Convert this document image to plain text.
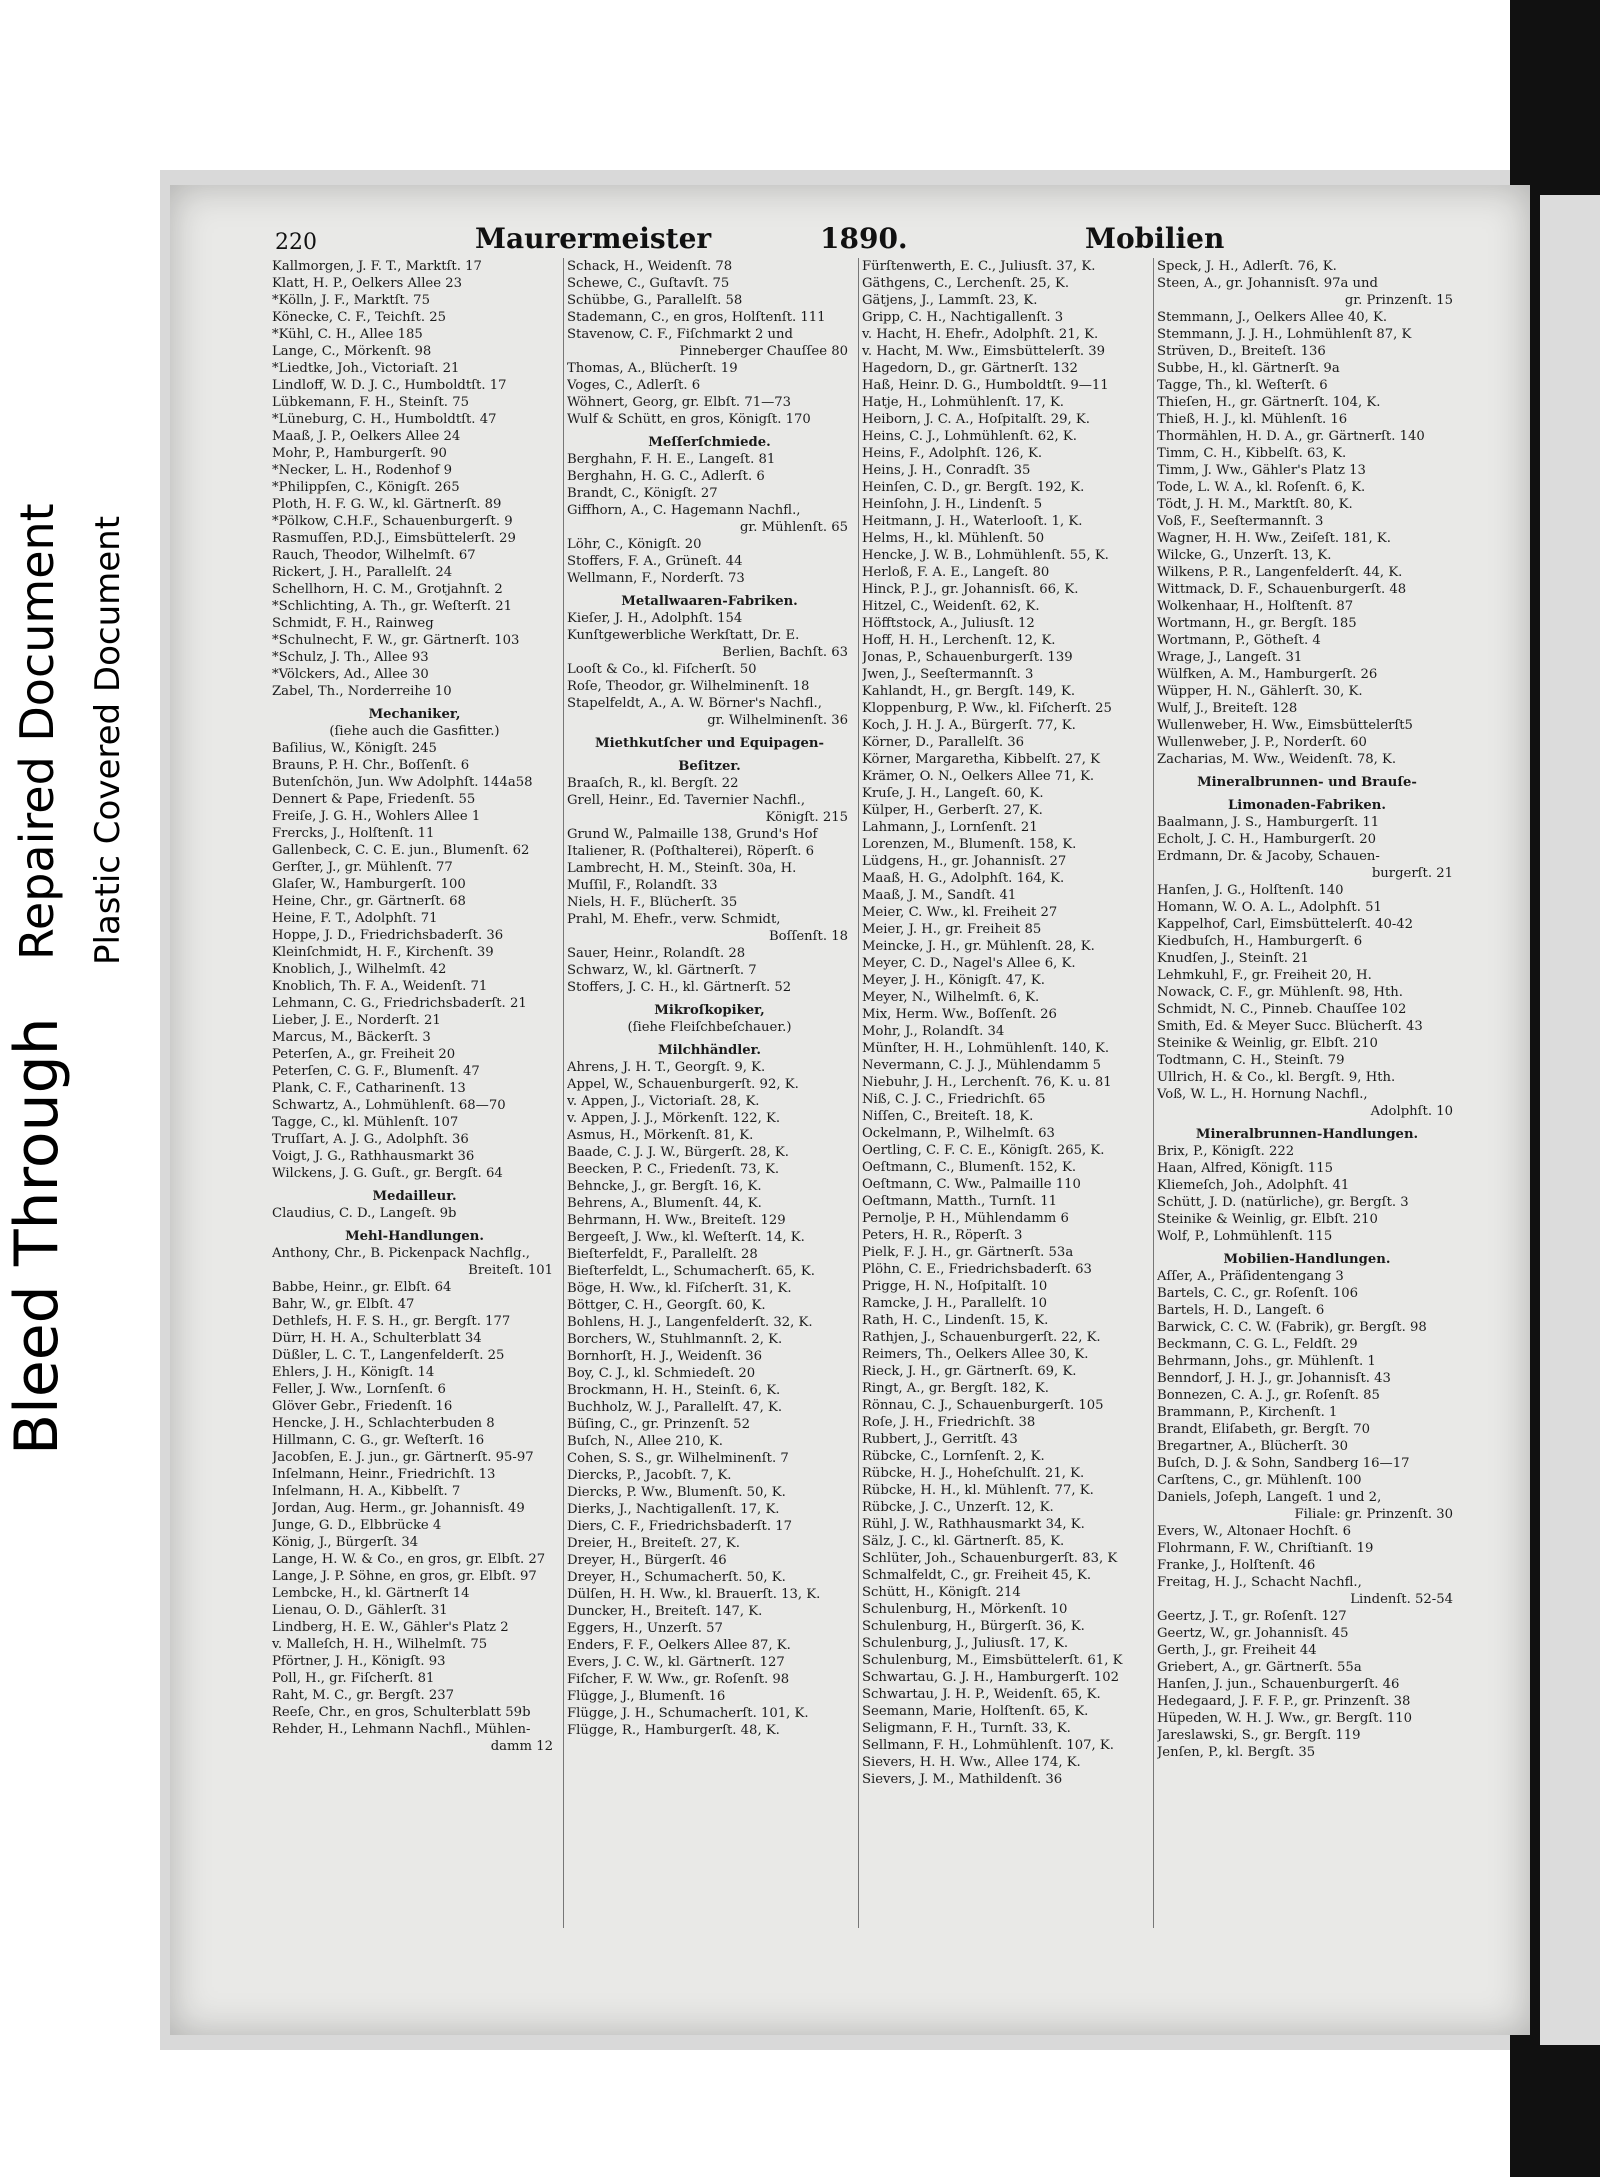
Bleed Through
Repaired Document Plastic Covered Document
220	Maurermeister	1890.	Mobilien
Kallmorgen, J. F. T., Marktſt. 17
Klatt, H. P., Oelkers Allee 23
*Kölln, J. F., Marktſt. 75
Könecke, C. F., Teichſt. 25
*Kühl, C. H., Allee 185
Lange, C., Mörkenſt. 98
*Liedtke, Joh., Victoriaſt. 21
Lindloff, W. D. J. C., Humboldtſt. 17
Lübkemann, F. H., Steinſt. 75
*Lüneburg, C. H., Humboldtſt. 47
Maaß, J. P., Oelkers Allee 24
Mohr, P., Hamburgerſt. 90
*Necker, L. H., Rodenhof 9
*Philippſen, C., Königſt. 265
Ploth, H. F. G. W., kl. Gärtnerſt. 89
*Pölkow, C.H.F., Schauenburgerſt. 9
Rasmuſſen, P.D.J., Eimsbüttelerſt. 29
Rauch, Theodor, Wilhelmſt. 67
Rickert, J. H., Parallelſt. 24
Schellhorn, H. C. M., Grotjahnſt. 2
*Schlichting, A. Th., gr. Weſterſt. 21
Schmidt, F. H., Rainweg
*Schulnecht, F. W., gr. Gärtnerſt. 103
*Schulz, J. Th., Allee 93
*Völckers, Ad., Allee 30
Zabel, Th., Norderreihe 10
Mechaniker,
(ſiehe auch die Gasfitter.)
Baſilius, W., Königſt. 245
Brauns, P. H. Chr., Boſſenſt. 6
Butenſchön, Jun. Ww Adolphſt. 144a58
Dennert & Pape, Friedenſt. 55
Freiſe, J. G. H., Wohlers Allee 1
Frercks, J., Holſtenſt. 11
Gallenbeck, C. C. E. jun., Blumenſt. 62
Gerſter, J., gr. Mühlenſt. 77
Glaſer, W., Hamburgerſt. 100
Heine, Chr., gr. Gärtnerſt. 68
Heine, F. T., Adolphſt. 71
Hoppe, J. D., Friedrichsbaderſt. 36
Kleinſchmidt, H. F., Kirchenſt. 39
Knoblich, J., Wilhelmſt. 42
Knoblich, Th. F. A., Weidenſt. 71
Lehmann, C. G., Friedrichsbaderſt. 21
Lieber, J. E., Norderſt. 21
Marcus, M., Bäckerſt. 3
Peterſen, A., gr. Freiheit 20
Peterſen, C. G. F., Blumenſt. 47
Plank, C. F., Catharinenſt. 13
Schwartz, A., Lohmühlenſt. 68—70
Tagge, C., kl. Mühlenſt. 107
Truſſart, A. J. G., Adolphſt. 36
Voigt, J. G., Rathhausmarkt 36
Wilckens, J. G. Guſt., gr. Bergſt. 64
Medailleur.
Claudius, C. D., Langeſt. 9b
Mehl-Handlungen.
Anthony, Chr., B. Pickenpack Nachflg.,
Breiteſt. 101
Babbe, Heinr., gr. Elbſt. 64
Bahr, W., gr. Elbſt. 47
Dethlefs, H. F. S. H., gr. Bergſt. 177
Dürr, H. H. A., Schulterblatt 34
Düßler, L. C. T., Langenfelderſt. 25
Ehlers, J. H., Königſt. 14
Feller, J. Ww., Lornſenſt. 6
Glöver Gebr., Friedenſt. 16
Hencke, J. H., Schlachterbuden 8
Hillmann, C. G., gr. Weſterſt. 16
Jacobſen, E. J. jun., gr. Gärtnerſt. 95-97
Inſelmann, Heinr., Friedrichſt. 13
Inſelmann, H. A., Kibbelſt. 7
Jordan, Aug. Herm., gr. Johannisſt. 49
Junge, G. D., Elbbrücke 4
König, J., Bürgerſt. 34
Lange, H. W. & Co., en gros, gr. Elbſt. 27
Lange, J. P. Söhne, en gros, gr. Elbſt. 97
Lembcke, H., kl. Gärtnerſt 14
Lienau, O. D., Gählerſt. 31
Lindberg, H. E. W., Gähler's Platz 2
v. Malleſch, H. H., Wilhelmſt. 75
Pförtner, J. H., Königſt. 93
Poll, H., gr. Fiſcherſt. 81
Raht, M. C., gr. Bergſt. 237
Reeſe, Chr., en gros, Schulterblatt 59b
Rehder, H., Lehmann Nachfl., Mühlen-
damm 12
Schack, H., Weidenſt. 78
Schewe, C., Guſtavſt. 75
Schübbe, G., Parallelſt. 58
Stademann, C., en gros, Holſtenſt. 111
Stavenow, C. F., Fiſchmarkt 2 und
Pinneberger Chauſſee 80
Thomas, A., Blücherſt. 19
Voges, C., Adlerſt. 6
Wöhnert, Georg, gr. Elbſt. 71—73
Wulf & Schütt, en gros, Königſt. 170
Meſſerſchmiede.
Berghahn, F. H. E., Langeſt. 81
Berghahn, H. G. C., Adlerſt. 6
Brandt, C., Königſt. 27
Giffhorn, A., C. Hagemann Nachfl.,
gr. Mühlenſt. 65
Löhr, C., Königſt. 20
Stoffers, F. A., Grüneſt. 44
Wellmann, F., Norderſt. 73
Metallwaaren-Fabriken.
Kieſer, J. H., Adolphſt. 154
Kunſtgewerbliche Werkſtatt, Dr. E.
Berlien, Bachſt. 63
Looſt & Co., kl. Fiſcherſt. 50
Roſe, Theodor, gr. Wilhelminenſt. 18
Stapelfeldt, A., A. W. Börner's Nachfl.,
gr. Wilhelminenſt. 36
Miethkutſcher und Equipagen-
Beſitzer.
Braaſch, R., kl. Bergſt. 22
Grell, Heinr., Ed. Tavernier Nachfl.,
Königſt. 215
Grund W., Palmaille 138, Grund's Hof
Italiener, R. (Poſthalterei), Röperſt. 6
Lambrecht, H. M., Steinſt. 30a, H.
Muſſil, F., Rolandſt. 33
Niels, H. F., Blücherſt. 35
Prahl, M. Ehefr., verw. Schmidt,
Boſſenſt. 18
Sauer, Heinr., Rolandſt. 28
Schwarz, W., kl. Gärtnerſt. 7
Stoffers, J. C. H., kl. Gärtnerſt. 52
Mikroſkopiker,
(ſiehe Fleiſchbeſchauer.)
Milchhändler.
Ahrens, J. H. T., Georgſt. 9, K.
Appel, W., Schauenburgerſt. 92, K.
v. Appen, J., Victoriaſt. 28, K.
v. Appen, J. J., Mörkenſt. 122, K.
Asmus, H., Mörkenſt. 81, K.
Baade, C. J. J. W., Bürgerſt. 28, K.
Beecken, P. C., Friedenſt. 73, K.
Behncke, J., gr. Bergſt. 16, K.
Behrens, A., Blumenſt. 44, K.
Behrmann, H. Ww., Breiteſt. 129
Bergeeſt, J. Ww., kl. Weſterſt. 14, K.
Bieſterfeldt, F., Parallelſt. 28
Bieſterfeldt, L., Schumacherſt. 65, K.
Böge, H. Ww., kl. Fiſcherſt. 31, K.
Böttger, C. H., Georgſt. 60, K.
Bohlens, H. J., Langenfelderſt. 32, K.
Borchers, W., Stuhlmannſt. 2, K.
Bornhorſt, H. J., Weidenſt. 36
Boy, C. J., kl. Schmiedeſt. 20
Brockmann, H. H., Steinſt. 6, K.
Buchholz, W. J., Parallelſt. 47, K.
Büſing, C., gr. Prinzenſt. 52
Buſch, N., Allee 210, K.
Cohen, S. S., gr. Wilhelminenſt. 7
Diercks, P., Jacobſt. 7, K.
Diercks, P. Ww., Blumenſt. 50, K.
Dierks, J., Nachtigallenſt. 17, K.
Diers, C. F., Friedrichsbaderſt. 17
Dreier, H., Breiteſt. 27, K.
Dreyer, H., Bürgerſt. 46
Dreyer, H., Schumacherſt. 50, K.
Dülſen, H. H. Ww., kl. Brauerſt. 13, K.
Duncker, H., Breiteſt. 147, K.
Eggers, H., Unzerſt. 57
Enders, F. F., Oelkers Allee 87, K.
Evers, J. C. W., kl. Gärtnerſt. 127
Fiſcher, F. W. Ww., gr. Roſenſt. 98
Flügge, J., Blumenſt. 16
Flügge, J. H., Schumacherſt. 101, K.
Flügge, R., Hamburgerſt. 48, K.
Fürſtenwerth, E. C., Juliusſt. 37, K.
Gäthgens, C., Lerchenſt. 25, K.
Gätjens, J., Lammſt. 23, K.
Gripp, C. H., Nachtigallenſt. 3
v. Hacht, H. Ehefr., Adolphſt. 21, K.
v. Hacht, M. Ww., Eimsbüttelerſt. 39
Hagedorn, D., gr. Gärtnerſt. 132
Haß, Heinr. D. G., Humboldtſt. 9—11
Hatje, H., Lohmühlenſt. 17, K.
Heiborn, J. C. A., Hoſpitalſt. 29, K.
Heins, C. J., Lohmühlenſt. 62, K.
Heins, F., Adolphſt. 126, K.
Heins, J. H., Conradſt. 35
Heinſen, C. D., gr. Bergſt. 192, K.
Heinſohn, J. H., Lindenſt. 5
Heitmann, J. H., Waterlooſt. 1, K.
Helms, H., kl. Mühlenſt. 50
Hencke, J. W. B., Lohmühlenſt. 55, K.
Herloß, F. A. E., Langeſt. 80
Hinck, P. J., gr. Johannisſt. 66, K.
Hitzel, C., Weidenſt. 62, K.
Höfftstock, A., Juliusſt. 12
Hoff, H. H., Lerchenſt. 12, K.
Jonas, P., Schauenburgerſt. 139
Jwen, J., Seeſtermannſt. 3
Kahlandt, H., gr. Bergſt. 149, K.
Kloppenburg, P. Ww., kl. Fiſcherſt. 25
Koch, J. H. J. A., Bürgerſt. 77, K.
Körner, D., Parallelſt. 36
Körner, Margaretha, Kibbelſt. 27, K
Krämer, O. N., Oelkers Allee 71, K.
Kruſe, J. H., Langeſt. 60, K.
Külper, H., Gerberſt. 27, K.
Lahmann, J., Lornſenſt. 21
Lorenzen, M., Blumenſt. 158, K.
Lüdgens, H., gr. Johannisſt. 27
Maaß, H. G., Adolphſt. 164, K.
Maaß, J. M., Sandſt. 41
Meier, C. Ww., kl. Freiheit 27
Meier, J. H., gr. Freiheit 85
Meincke, J. H., gr. Mühlenſt. 28, K.
Meyer, C. D., Nagel's Allee 6, K.
Meyer, J. H., Königſt. 47, K.
Meyer, N., Wilhelmſt. 6, K.
Mix, Herm. Ww., Boſſenſt. 26
Mohr, J., Rolandſt. 34
Münſter, H. H., Lohmühlenſt. 140, K.
Nevermann, C. J. J., Mühlendamm 5
Niebuhr, J. H., Lerchenſt. 76, K. u. 81
Niß, C. J. C., Friedrichſt. 65
Niſſen, C., Breiteſt. 18, K.
Ockelmann, P., Wilhelmſt. 63
Oertling, C. F. C. E., Königſt. 265, K.
Oeſtmann, C., Blumenſt. 152, K.
Oeſtmann, C. Ww., Palmaille 110
Oeſtmann, Matth., Turnſt. 11
Pernolje, P. H., Mühlendamm 6
Peters, H. R., Röperſt. 3
Pielk, F. J. H., gr. Gärtnerſt. 53a
Plöhn, C. E., Friedrichsbaderſt. 63
Prigge, H. N., Hoſpitalſt. 10
Ramcke, J. H., Parallelſt. 10
Rath, H. C., Lindenſt. 15, K.
Rathjen, J., Schauenburgerſt. 22, K.
Reimers, Th., Oelkers Allee 30, K.
Rieck, J. H., gr. Gärtnerſt. 69, K.
Ringt, A., gr. Bergſt. 182, K.
Rönnau, C. J., Schauenburgerſt. 105
Roſe, J. H., Friedrichſt. 38
Rubbert, J., Gerritſt. 43
Rübcke, C., Lornſenſt. 2, K.
Rübcke, H. J., Hoheſchulſt. 21, K.
Rübcke, H. H., kl. Mühlenſt. 77, K.
Rübcke, J. C., Unzerſt. 12, K.
Rühl, J. W., Rathhausmarkt 34, K.
Sälz, J. C., kl. Gärtnerſt. 85, K.
Schlüter, Joh., Schauenburgerſt. 83, K
Schmalfeldt, C., gr. Freiheit 45, K.
Schütt, H., Königſt. 214
Schulenburg, H., Mörkenſt. 10
Schulenburg, H., Bürgerſt. 36, K.
Schulenburg, J., Juliusſt. 17, K.
Schulenburg, M., Eimsbüttelerſt. 61, K
Schwartau, G. J. H., Hamburgerſt. 102
Schwartau, J. H. P., Weidenſt. 65, K.
Seemann, Marie, Holſtenſt. 65, K.
Seligmann, F. H., Turnſt. 33, K.
Sellmann, F. H., Lohmühlenſt. 107, K.
Sievers, H. H. Ww., Allee 174, K.
Sievers, J. M., Mathildenſt. 36
Speck, J. H., Adlerſt. 76, K.
Steen, A., gr. Johannisſt. 97a und
gr. Prinzenſt. 15
Stemmann, J., Oelkers Allee 40, K.
Stemmann, J. J. H., Lohmühlenſt 87, K
Strüven, D., Breiteſt. 136
Subbe, H., kl. Gärtnerſt. 9a
Tagge, Th., kl. Weſterſt. 6
Thieſen, H., gr. Gärtnerſt. 104, K.
Thieß, H. J., kl. Mühlenſt. 16
Thormählen, H. D. A., gr. Gärtnerſt. 140
Timm, C. H., Kibbelſt. 63, K.
Timm, J. Ww., Gähler's Platz 13
Tode, L. W. A., kl. Roſenſt. 6, K.
Tödt, J. H. M., Marktſt. 80, K.
Voß, F., Seeſtermannſt. 3
Wagner, H. H. Ww., Zeiſeſt. 181, K.
Wilcke, G., Unzerſt. 13, K.
Wilkens, P. R., Langenfelderſt. 44, K.
Wittmack, D. F., Schauenburgerſt. 48
Wolkenhaar, H., Holſtenſt. 87
Wortmann, H., gr. Bergſt. 185
Wortmann, P., Götheſt. 4
Wrage, J., Langeſt. 31
Wülfken, A. M., Hamburgerſt. 26
Wüpper, H. N., Gählerſt. 30, K.
Wulf, J., Breiteſt. 128
Wullenweber, H. Ww., Eimsbüttelerſt5
Wullenweber, J. P., Norderſt. 60
Zacharias, M. Ww., Weidenſt. 78, K.
Mineralbrunnen- und Brauſe-
Limonaden-Fabriken.
Baalmann, J. S., Hamburgerſt. 11
Echolt, J. C. H., Hamburgerſt. 20
Erdmann, Dr. & Jacoby, Schauen-
burgerſt. 21
Hanſen, J. G., Holſtenſt. 140
Homann, W. O. A. L., Adolphſt. 51
Kappelhof, Carl, Eimsbüttelerſt. 40-42
Kiedbuſch, H., Hamburgerſt. 6
Knudſen, J., Steinſt. 21
Lehmkuhl, F., gr. Freiheit 20, H.
Nowack, C. F., gr. Mühlenſt. 98, Hth.
Schmidt, N. C., Pinneb. Chauſſee 102
Smith, Ed. & Meyer Succ. Blücherſt. 43
Steinike & Weinlig, gr. Elbſt. 210
Todtmann, C. H., Steinſt. 79
Ullrich, H. & Co., kl. Bergſt. 9, Hth.
Voß, W. L., H. Hornung Nachfl.,
Adolphſt. 10
Mineralbrunnen-Handlungen.
Brix, P., Königſt. 222
Haan, Alfred, Königſt. 115
Kliemeſch, Joh., Adolphſt. 41
Schütt, J. D. (natürliche), gr. Bergſt. 3
Steinike & Weinlig, gr. Elbſt. 210
Wolf, P., Lohmühlenſt. 115
Mobilien-Handlungen.
Aſſer, A., Präſidentengang 3
Bartels, C. C., gr. Roſenſt. 106
Bartels, H. D., Langeſt. 6
Barwick, C. C. W. (Fabrik), gr. Bergſt. 98
Beckmann, C. G. L., Feldſt. 29
Behrmann, Johs., gr. Mühlenſt. 1
Benndorf, J. H. J., gr. Johannisſt. 43
Bonnezen, C. A. J., gr. Roſenſt. 85
Brammann, P., Kirchenſt. 1
Brandt, Eliſabeth, gr. Bergſt. 70
Bregartner, A., Blücherſt. 30
Buſch, D. J. & Sohn, Sandberg 16—17
Carſtens, C., gr. Mühlenſt. 100
Daniels, Joſeph, Langeſt. 1 und 2,
Filiale: gr. Prinzenſt. 30
Evers, W., Altonaer Hochſt. 6
Flohrmann, F. W., Chriſtianſt. 19
Franke, J., Holſtenſt. 46
Freitag, H. J., Schacht Nachfl.,
Lindenſt. 52-54
Geertz, J. T., gr. Roſenſt. 127
Geertz, W., gr. Johannisſt. 45
Gerth, J., gr. Freiheit 44
Griebert, A., gr. Gärtnerſt. 55a
Hanſen, J. jun., Schauenburgerſt. 46
Hedegaard, J. F. F. P., gr. Prinzenſt. 38
Hüpeden, W. H. J. Ww., gr. Bergſt. 110
Jareslawski, S., gr. Bergſt. 119
Jenſen, P., kl. Bergſt. 35
